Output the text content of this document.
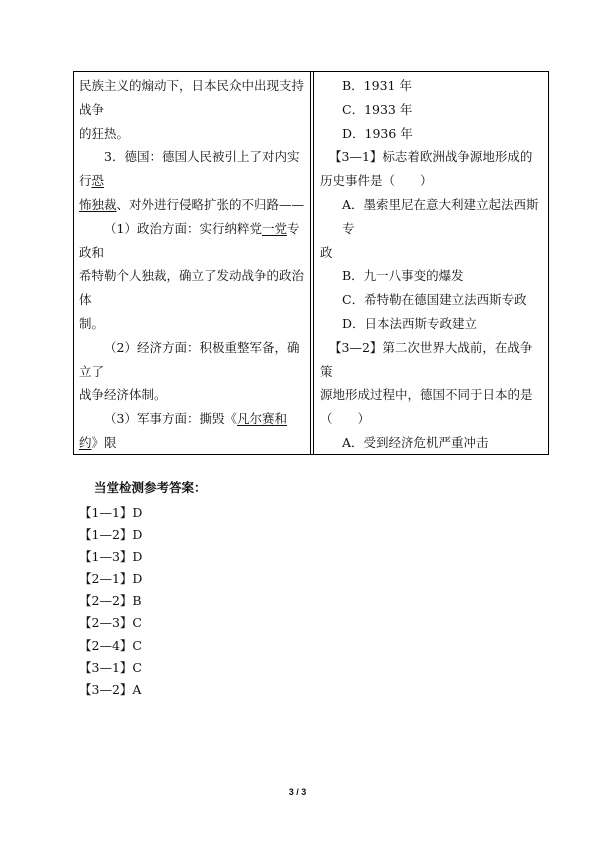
民族主义的煽动下，日本民众中出现支持战争

的狂热。

3．德国：德国人民被引上了对内实行恐

怖独裁、对外进行侵略扩张的不归路——

（1）政治方面：实行纳粹党一党专政和

希特勒个人独裁，确立了发动战争的政治体

制。

（2）经济方面：积极重整军备，确立了

战争经济体制。

（3）军事方面：撕毁《凡尔赛和约》限

B．1931 年

C．1933 年

D．1936 年

【3—1】标志着欧洲战争源地形成的

历史事件是（　　）

A．墨索里尼在意大利建立起法西斯专

政

B．九一八事变的爆发

C．希特勒在德国建立法西斯专政

D．日本法西斯专政建立

【3—2】第二次世界大战前，在战争策

源地形成过程中，德国不同于日本的是

（　　）

A．受到经济危机严重冲击

当堂检测参考答案：

【1—1】D

【1—2】D

【1—3】D

【2—1】D

【2—2】B

【2—3】C

【2—4】C

【3—1】C

【3—2】A

3 / 3
